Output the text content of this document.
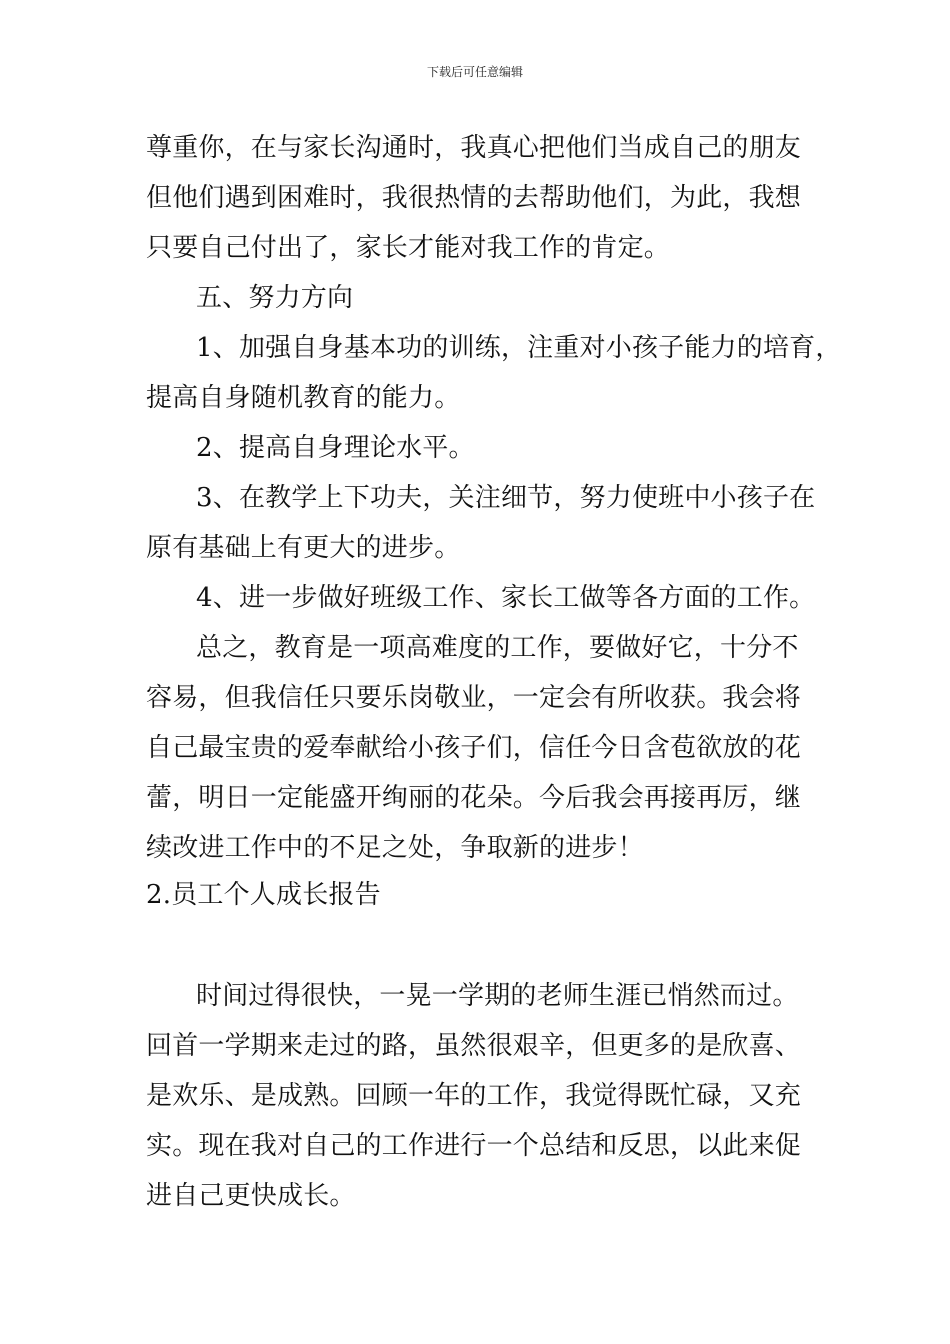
下载后可任意编辑
尊重你，在与家长沟通时，我真心把他们当成自己的朋友
但他们遇到困难时，我很热情的去帮助他们，为此，我想
只要自己付出了，家长才能对我工作的肯定。
五、努力方向
1、加强自身基本功的训练，注重对小孩子能力的培育，
提高自身随机教育的能力。
2、提高自身理论水平。
3、在教学上下功夫，关注细节，努力使班中小孩子在
原有基础上有更大的进步。
4、进一步做好班级工作、家长工做等各方面的工作。
总之，教育是一项高难度的工作，要做好它，十分不
容易，但我信任只要乐岗敬业，一定会有所收获。我会将
自己最宝贵的爱奉献给小孩子们，信任今日含苞欲放的花
蕾，明日一定能盛开绚丽的花朵。今后我会再接再厉，继
续改进工作中的不足之处，争取新的进步！
2.员工个人成长报告
时间过得很快，一晃一学期的老师生涯已悄然而过。
回首一学期来走过的路，虽然很艰辛，但更多的是欣喜、
是欢乐、是成熟。回顾一年的工作，我觉得既忙碌，又充
实。现在我对自己的工作进行一个总结和反思，以此来促
进自己更快成长。
